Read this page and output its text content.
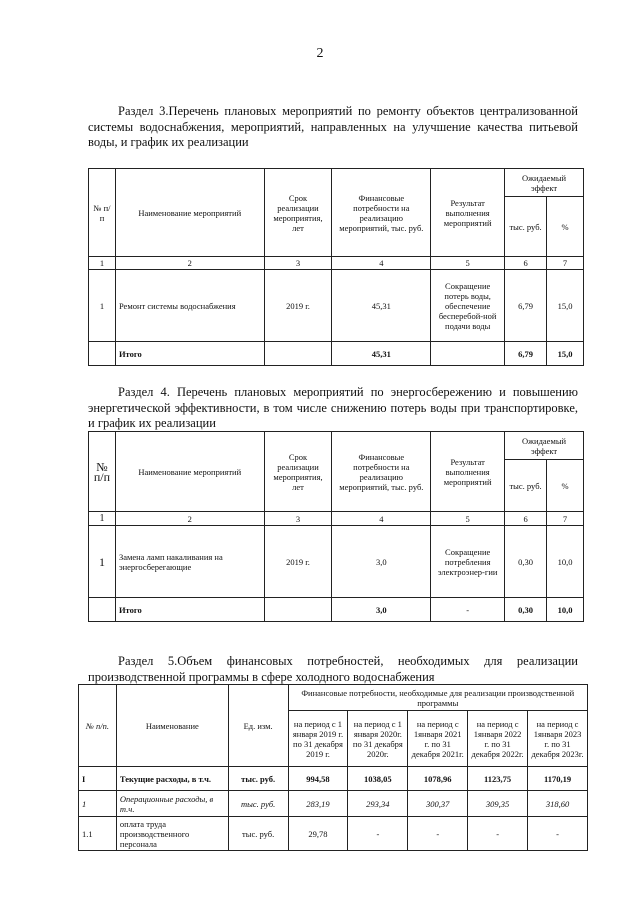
2
Раздел 3.Перечень плановых мероприятий по ремонту объектов централизованной системы водоснабжения, мероприятий, направленных на улучшение качества питьевой воды, и график их реализации
№ п/п	Наименование мероприятий	Срок реализации мероприятия, лет	Финансовые потребности на реализацию мероприятий, тыс. руб.	Результат выполнения мероприятий	Ожидаемый эффект	
					тыс. руб.	%
1	2	3	4	5	6	7
1	Ремонт системы водоснабжения	2019 г.	45,31	Сокращение потерь воды, обеспечение бесперебой-ной подачи воды	6,79	15,0
	Итого		45,31		6,79	15,0
Раздел 4. Перечень плановых мероприятий по энергосбережению и повышению энергетической эффективности, в том числе снижению потерь воды при транспортировке, и график их реализации
№ п/п	Наименование мероприятий	Срок реализации мероприятия, лет	Финансовые потребности на реализацию мероприятий, тыс. руб.	Результат выполнения мероприятий	Ожидаемый эффект	
					тыс. руб.	%
1	2	3	4	5	6	7
1	Замена ламп накаливания на энергосберегающие	2019 г.	3,0	Сокращение потребления электроэнер-гии	0,30	10,0
	Итого		3,0	-	0,30	10,0
Раздел 5.Объем финансовых потребностей, необходимых для реализации производственной программы в сфере холодного водоснабжения
№ п/п.	Наименование	Ед. изм.	Финансовые потребности, необходимые для реализации производственной программы				
			на период с 1 января 2019 г. по 31 декабря 2019 г.	на период с 1 января 2020г. по 31 декабря 2020г.	на период с 1января 2021 г. по 31 декабря 2021г.	на период с 1января 2022 г. по 31 декабря 2022г.	на период с 1января 2023 г. по 31 декабря 2023г.
I	Текущие расходы, в т.ч.	тыс. руб.	994,58	1038,05	1078,96	1123,75	1170,19
1	Операционные расходы, в т.ч.	тыс. руб.	283,19	293,34	300,37	309,35	318,60
1.1	оплата труда производственного персонала	тыс. руб.	29,78	-	-	-	-
